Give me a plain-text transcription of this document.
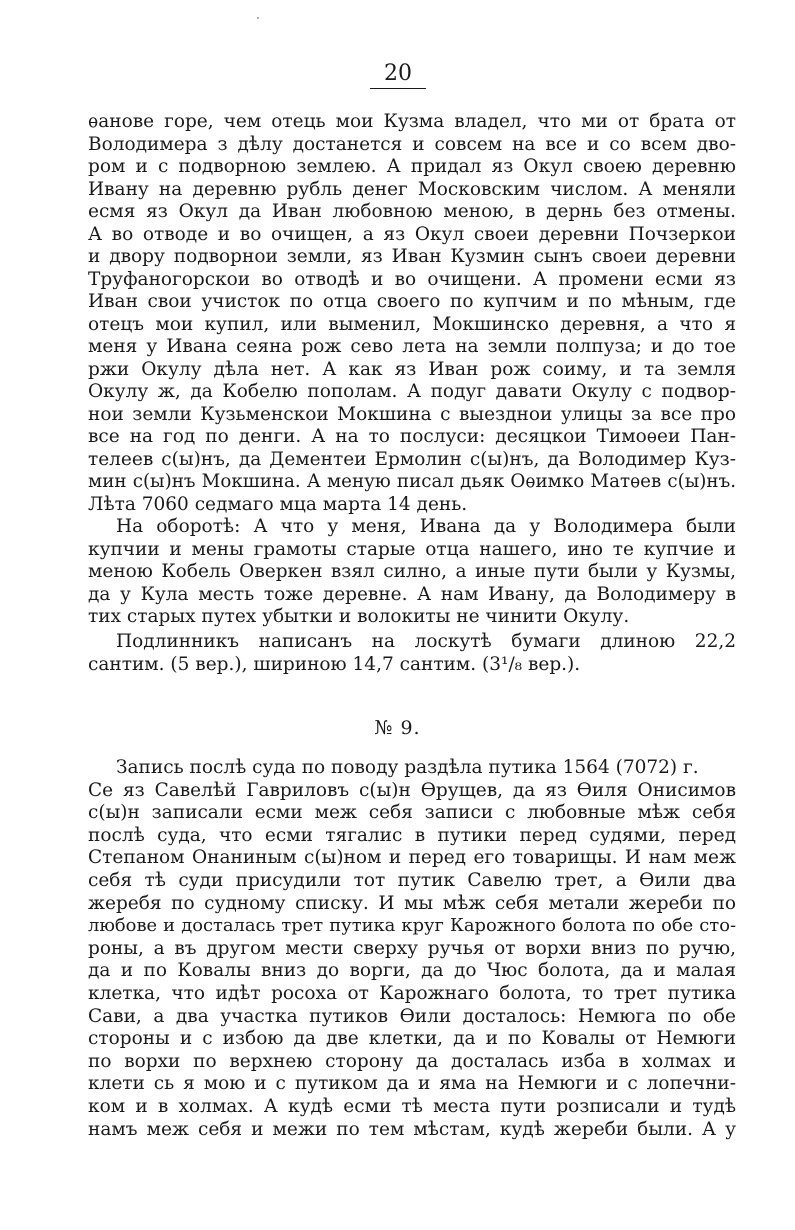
20
ѳанове горе, чем отець мои Кузма владел, что ми от брата от
Володимера з дѣлу достанется и совсем на все и со всем дво-
ром и с подворною землею. А придал яз Окул своею деревню
Ивану на деревню рубль денег Московским числом. А меняли
есмя яз Окул да Иван любовною меною, в дернь без отмены.
А во отводе и во очищен, а яз Окул своеи деревни Почзеркои
и двору подворнои земли, яз Иван Кузмин сынъ своеи деревни
Труфаногорскои во отводѣ и во очищени. А промени есми яз
Иван свои учисток по отца своего по купчим и по мѣным, где
отецъ мои купил, или выменил, Мокшинско деревня, а что я
меня у Ивана сеяна рож сево лета на земли полпуза; и до тое
ржи Окулу дѣла нет. А как яз Иван рож соиму, и та земля
Окулу ж, да Кобелю пополам. А подуг давати Окулу с подвор-
нои земли Кузьменскои Мокшина с выезднои улицы за все про
все на год по денги. А на то послуси: десяцкои Тимоѳеи Пан-
телеев с(ы)нъ, да Дементеи Ермолин с(ы)нъ, да Володимер Куз-
мин с(ы)нъ Мокшина. А меную писал дьяк Оѳимко Матѳев с(ы)нъ.
Лѣта 7060 седмаго мца марта 14 день.
На оборотѣ: А что у меня, Ивана да у Володимера были
купчии и мены грамоты старые отца нашего, ино те купчие и
меною Кобель Оверкен взял силно, а иные пути были у Кузмы,
да у Кула месть тоже деревне. А нам Ивану, да Володимеру в
тих старых путех убытки и волокиты не чинити Окулу.
Подлинникъ написанъ на лоскутѣ бумаги длиною 22,2
сантим. (5 вер.), шириною 14,7 сантим. (3¹/₈ вер.).
№ 9.
Запись послѣ суда по поводу раздѣла путика 1564 (7072) г.
Се яз Савелѣй Гавриловъ с(ы)н Ѳрущев, да яз Ѳиля Онисимов
с(ы)н записали есми меж себя записи с любовные мѣж себя
послѣ суда, что есми тягалис в путики перед судями, перед
Степаном Онаниным с(ы)ном и перед его товарищы. И нам меж
себя тѣ суди присудили тот путик Савелю трет, а Ѳили два
жеребя по судному списку. И мы мѣж себя метали жереби по
любове и досталась трет путика круг Карожного болота по обе сто-
роны, а въ другом мести сверху ручья от ворхи вниз по ручю,
да и по Ковалы вниз до ворги, да до Чюс болота, да и малая
клетка, что идѣт росоха от Карожнаго болота, то трет путика
Сави, а два участка путиков Ѳили досталось: Немюга по обе
стороны и с избою да две клетки, да и по Ковалы от Немюги
по ворхи по верхнею сторону да досталась изба в холмах и
клети сь я мою и с путиком да и яма на Немюги и с лопечни-
ком и в холмах. А кудѣ есми тѣ места пути розписали и тудѣ
намъ меж себя и межи по тем мѣстам, кудѣ жереби были. А у
